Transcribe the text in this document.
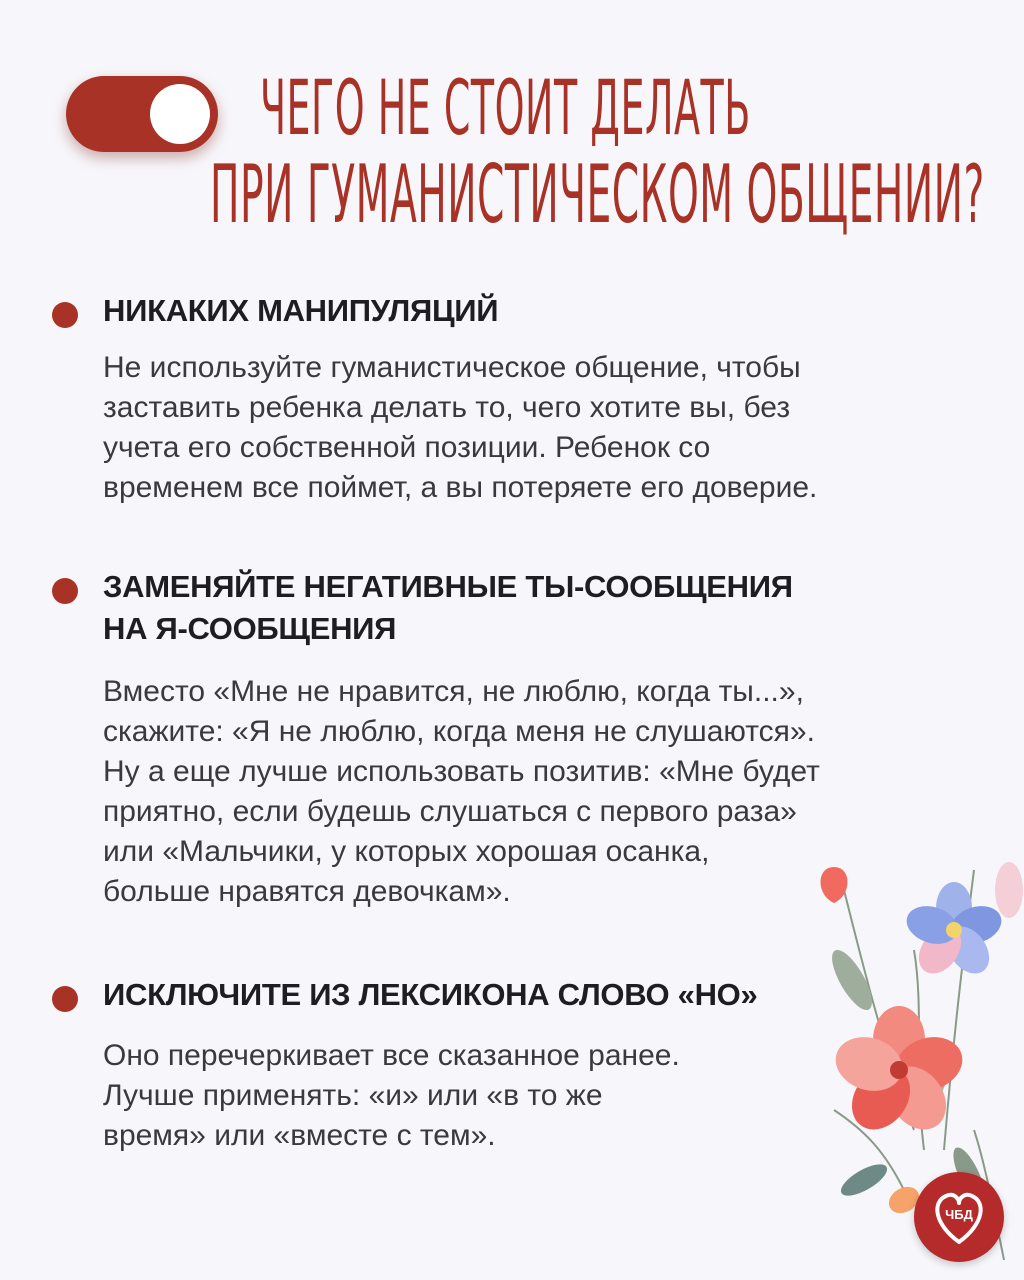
ЧЕГО НЕ СТОИТ ДЕЛАТЬ
ПРИ ГУМАНИСТИЧЕСКОМ ОБЩЕНИИ?
НИКАКИХ МАНИПУЛЯЦИЙ

Не используйте гуманистическое общение, чтобы
заставить ребенка делать то, чего хотите вы, без
учета его собственной позиции. Ребенок со
временем все поймет, а вы потеряете его доверие.

ЗАМЕНЯЙТЕ НЕГАТИВНЫЕ ТЫ-СООБЩЕНИЯ
НА Я-СООБЩЕНИЯ

Вместо «Мне не нравится, не люблю, когда ты...»,
скажите: «Я не люблю, когда меня не слушаются».
Ну а еще лучше использовать позитив: «Мне будет
приятно, если будешь слушаться с первого раза»
или «Мальчики, у которых хорошая осанка,
больше нравятся девочкам».

ИСКЛЮЧИТЕ ИЗ ЛЕКСИКОНА СЛОВО «НО»

Оно перечеркивает все сказанное ранее.
Лучше применять: «и» или «в то же
время» или «вместе с тем».

ЧБД
